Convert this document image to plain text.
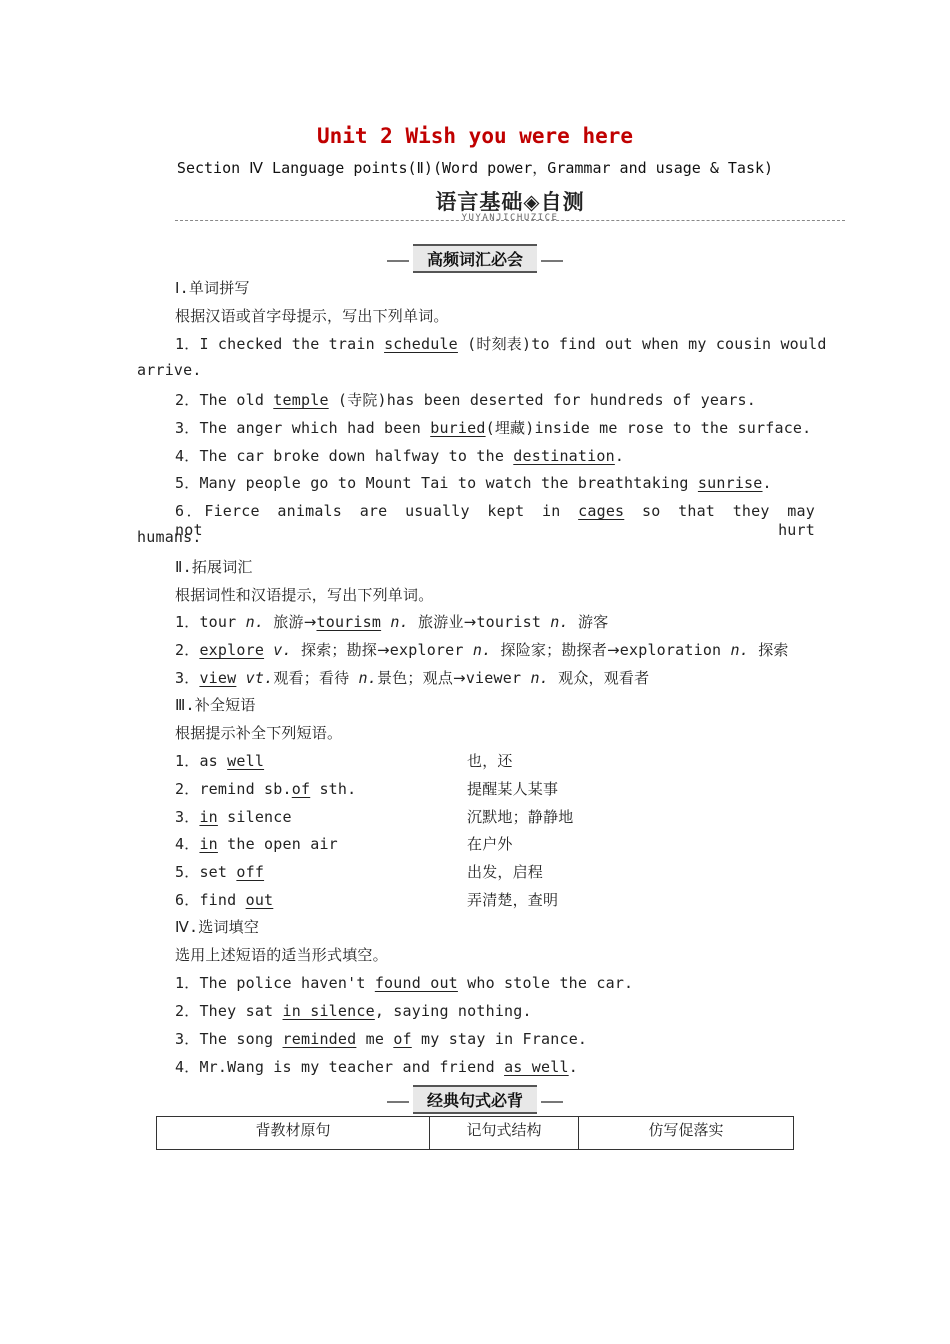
Unit 2 Wish you were here
Section Ⅳ Language points(Ⅱ)(Word power，Grammar and usage & Task)
语言基础◈自测
YUYANJICHUZICE
高频词汇必会
Ⅰ.单词拼写
根据汉语或首字母提示，写出下列单词。
1．I checked the train schedule (时刻表)to find out when my cousin would
arrive.
2．The old temple (寺院)has been deserted for hundreds of years.
3．The anger which had been buried(埋藏)inside me rose to the surface.
4．The car broke down halfway to the destination.
5．Many people go to Mount Tai to watch the breathtaking sunrise.
6．Fierce animals are usually kept in cages so that they may not hurt
humans.
Ⅱ.拓展词汇
根据词性和汉语提示，写出下列单词。
1．tour n. 旅游→tourism n. 旅游业→tourist n. 游客
2．explore v. 探索；勘探→explorer n. 探险家；勘探者→exploration n. 探索
3．view vt.观看；看待 n.景色；观点→viewer n. 观众，观看者
Ⅲ.补全短语
根据提示补全下列短语。
1．as well	也，还
2．remind sb.of sth.	提醒某人某事
3．in silence	沉默地；静静地
4．in the open air	在户外
5．set off	出发，启程
6．find out	弄清楚，查明
Ⅳ.选词填空
选用上述短语的适当形式填空。
1．The police haven't found out who stole the car.
2．They sat in silence, saying nothing.
3．The song reminded me of my stay in France.
4．Mr.Wang is my teacher and friend as well.
经典句式必背
背教材原句	记句式结构	仿写促落实
